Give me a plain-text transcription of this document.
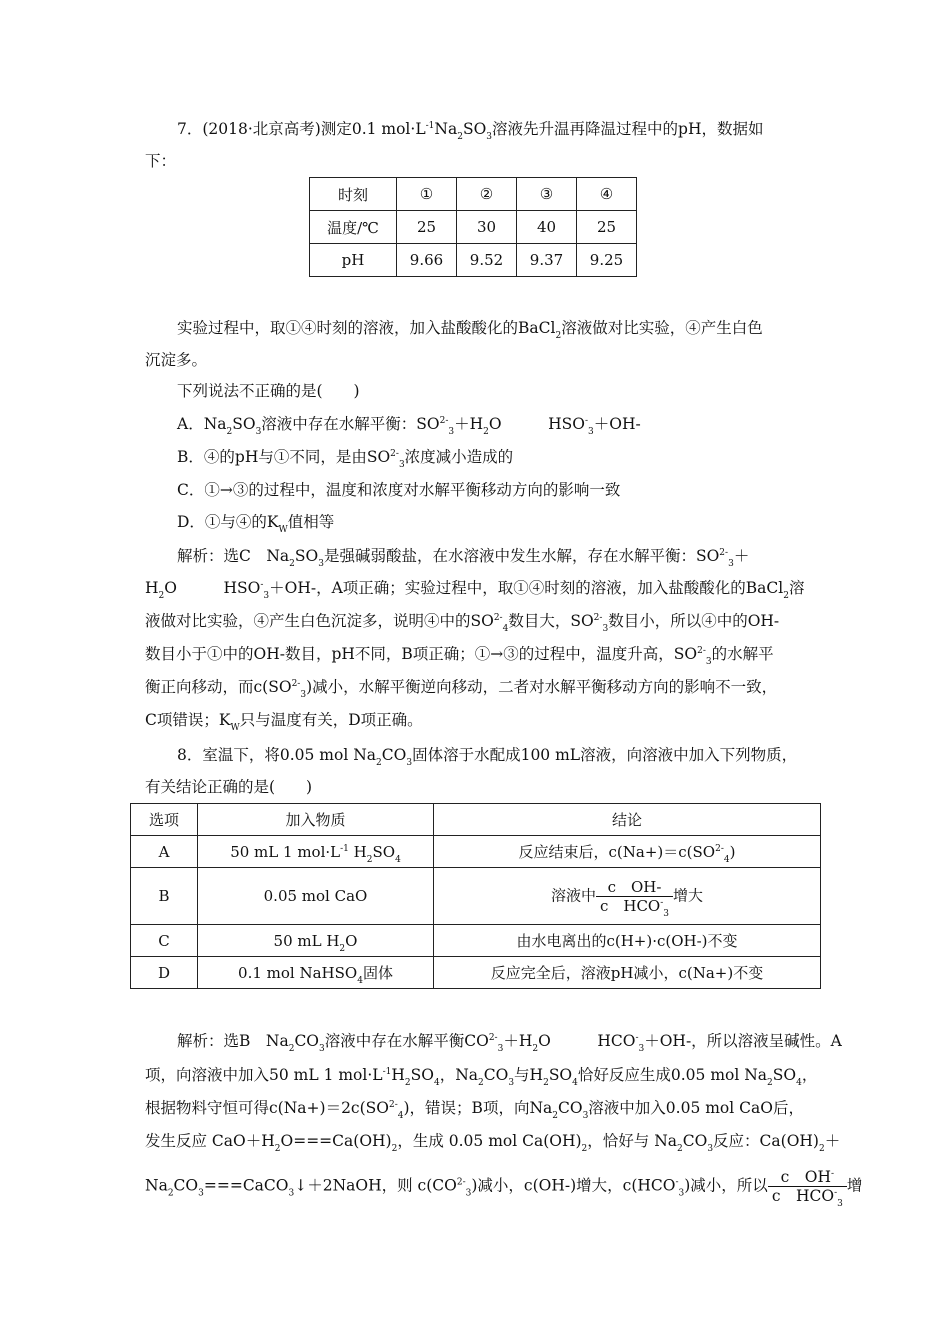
7．(2018·北京高考)测定0.1 $mol\cdot L^{-1}Na_2SO_3$溶液先升温再降温过程中的pH，数据如
下：
时刻	①	②	③	④
温度/℃	25	30	40	25
pH	9.66	9.52	9.37	9.25
实验过程中，取①④时刻的溶液，加入盐酸酸化的BaCl$_2$溶液做对比实验，④产生白色
沉淀多。
下列说法不正确的是(　　)
A．$Na_2SO_3$溶液中存在水解平衡：$SO^{2-}_3+H_2O$　　　	$HSO^-_3+OH-$
B．④的pH与①不同，是由$SO^{2-}_3$浓度减小造成的
C．①→③的过程中，温度和浓度对水解平衡移动方向的影响一致
D．①与④的$K_W$值相等
解析：选C　$Na_2SO_3$是强碱弱酸盐，在水溶液中发生水解，存在水解平衡：$SO^{2-}_3+$
$H_2O$　　　	$HSO^-_3+OH-$，A项正确；实验过程中，取①④时刻的溶液，加入盐酸酸化的BaCl$_2$溶
液做对比实验，④产生白色沉淀多，说明④中的$SO^{2-}_4$数目大，$SO^{2-}_3$数目小，所以④中的OH-
数目小于①中的OH-数目，pH不同，B项正确；①→③的过程中，温度升高，$SO^{2-}_3$的水解平
衡正向移动，而$c(SO^{2-}_3)$减小，水解平衡逆向移动，二者对水解平衡移动方向的影响不一致，
C项错误；$K_W$只与温度有关，D项正确。
8．室温下，将0.05 mol $Na_2CO_3$固体溶于水配成100 mL溶液，向溶液中加入下列物质，
有关结论正确的是(　　)
选项	加入物质	结论
A	50 mL 1 $mol\cdot L^{-1}$ $H_2SO_4$	反应结束后，$c(Na+)=c(SO^{2-}_4)$
B	0.05 mol CaO	溶液中 $\frac{\text{c　OH-}}{c HCO^-_3}$ 增大
C	50 mL $H_2O$	由水电离出的c(H+)·c(OH-)不变
D	0.1 mol NaHSO$_4$固体	反应完全后，溶液pH减小，c(Na+)不变
解析：选B　$Na_2CO_3$溶液中存在水解平衡$CO^{2-}_3+H_2O$　　　	$HCO^-_3+OH-$，所以溶液呈碱性。A
项，向溶液中加入50 mL 1 $mol\cdot L^{-1}H_2SO_4$，$Na_2CO_3$与$H_2SO_4$恰好反应生成0.05 mol $Na_2SO_4$，
根据物料守恒可得$c(Na+)=2c(SO^{2-}_4)$，错误；B项，向$Na_2CO_3$溶液中加入0.05 mol CaO后，
发生反应 $CaO+H_2O===Ca(OH)_2$，生成 0.05 mol $Ca(OH)_2$，恰好与 $Na_2CO_3$反应：$Ca(OH)_2+$
$Na_2CO_3===CaCO_3↓+2NaOH$，则 $c(CO^{2-}_3)$减小，c(OH-)增大，$c(HCO^-_3)$减小，所以 $\frac{c OH^-}{c HCO^-_3}$ 增
